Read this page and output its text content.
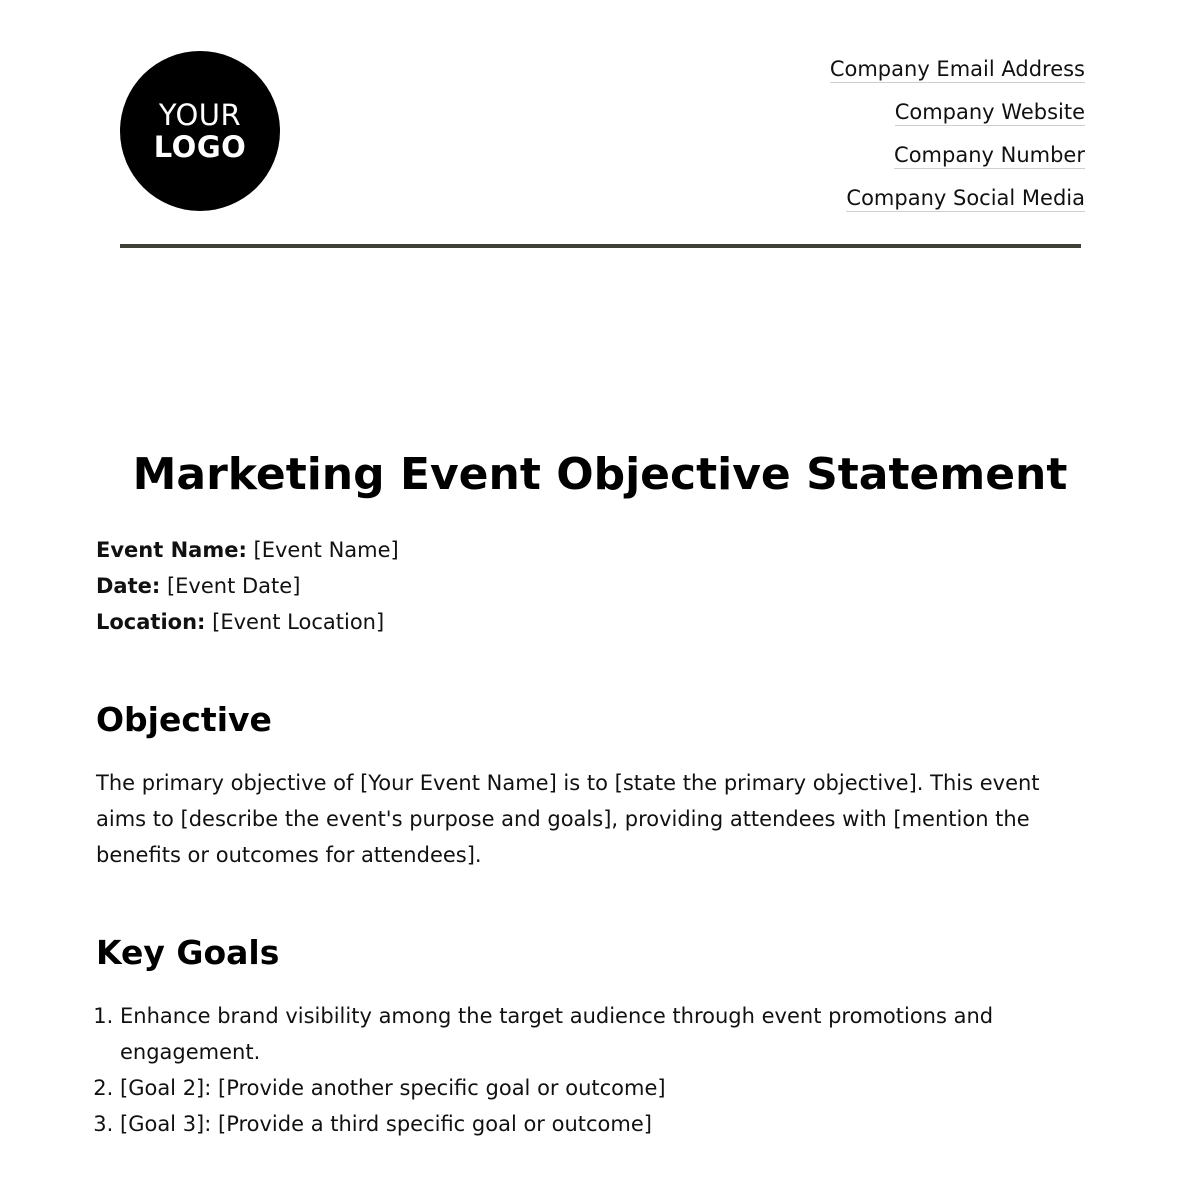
YOUR
LOGO
Company Email Address
Company Website
Company Number
Company Social Media
Marketing Event Objective Statement
Event Name: [Event Name]
Date: [Event Date]
Location: [Event Location]
Objective

The primary objective of [Your Event Name] is to [state the primary objective]. This event aims to [describe the event's purpose and goals], providing attendees with [mention the benefits or outcomes for attendees].

Key Goals
1. Enhance brand visibility among the target audience through event promotions and engagement.
2. [Goal 2]: [Provide another specific goal or outcome]
3. [Goal 3]: [Provide a third specific goal or outcome]
